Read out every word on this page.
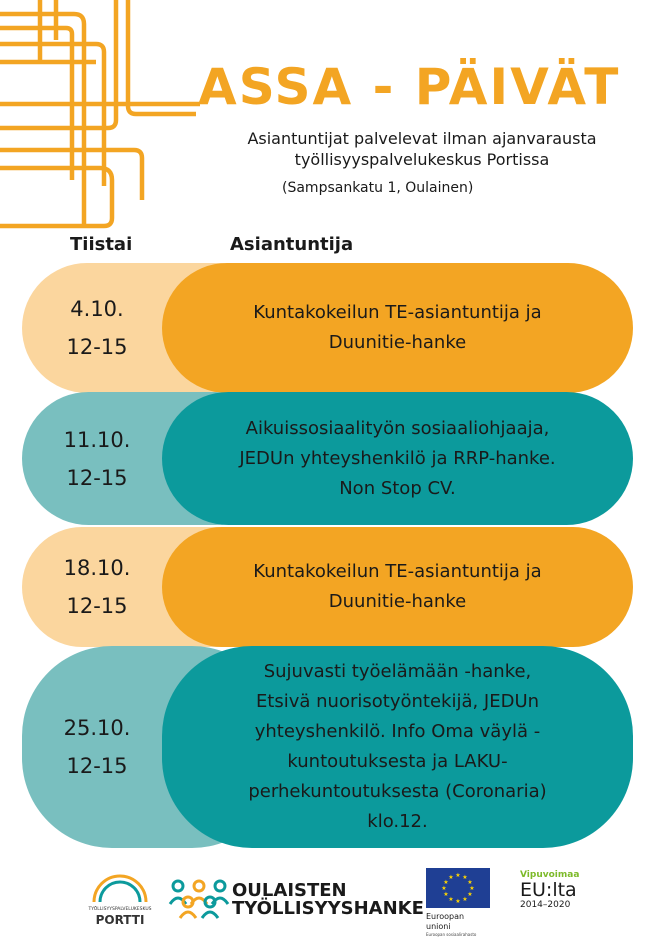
ASSA - PÄIVÄT
Asiantuntijat palvelevat ilman ajanvarausta
työllisyyspalvelukeskus Portissa
(Sampsankatu 1, Oulainen)
Tiistai	Asiantuntija
4.10.
12-15
Kuntakokeilun TE-asiantuntija ja
Duunitie-hanke
11.10.
12-15
Aikuissosiaalityön sosiaaliohjaaja,
JEDUn yhteyshenkilö ja RRP-hanke.
Non Stop CV.
18.10.
12-15
Kuntakokeilun TE-asiantuntija ja
Duunitie-hanke
25.10.
12-15
Sujuvasti työelämään -hanke,
Etsivä nuorisotyöntekijä, JEDUn
yhteyshenkilö. Info Oma väylä -
kuntoutuksesta ja LAKU-
perhekuntoutuksesta (Coronaria)
klo.12.
TYÖLLISYYSPALVELUKESKUS
PORTTI
OULAISTEN
TYÖLLISYYSHANKE
★ ★
★
★
★
★
★
★
★
★
★
★
Euroopan unioni
Euroopan sosiaalirahasto
Vipuvoimaa
EU:lta
2014–2020
